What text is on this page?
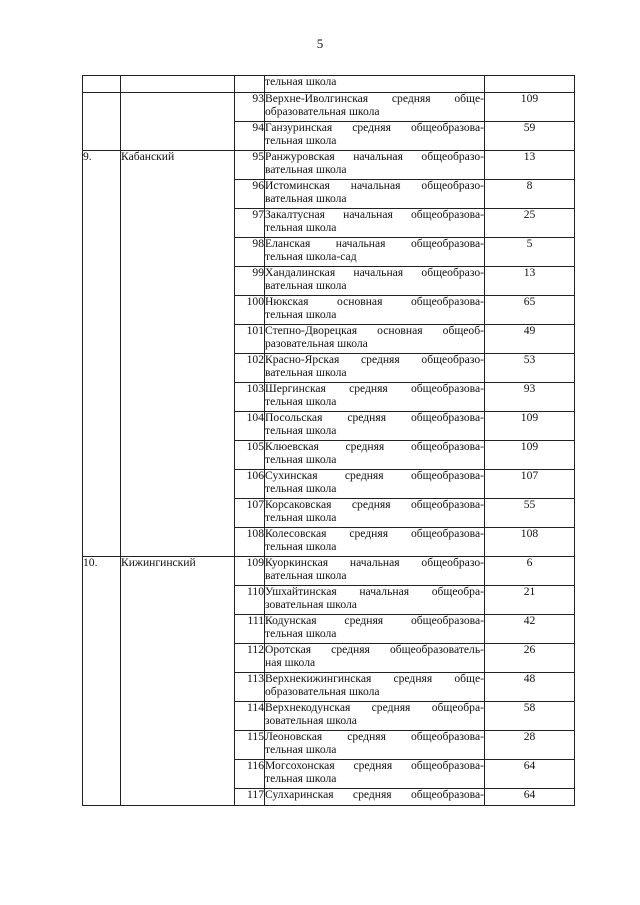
5

			тельная школа	

		93	Верхне-Иволгинская средняя обще-
образовательная школа	109
		94	Ганзуринская средняя общеобразова-
тельная школа	59
9.	Кабанский	95	Ранжуровская начальная общеобразо-
вательная школа	13
		96	Истоминская начальная общеобразо-
вательная школа	8
		97	Закалтусная начальная общеобразова-
тельная школа	25
		98	Еланская начальная общеобразова-
тельная школа-сад	5
		99	Хандалинская начальная общеобразо-
вательная школа	13
		100	Нюкская основная общеобразова-
тельная школа	65
		101	Степно-Дворецкая основная общеоб-
разовательная школа	49
		102	Красно-Ярская средняя общеобразо-
вательная школа	53
		103	Шергинская средняя общеобразова-
тельная школа	93
		104	Посольская средняя общеобразова-
тельная школа	109
		105	Клюевская средняя общеобразова-
тельная школа	109
		106	Сухинская средняя общеобразова-
тельная школа	107
		107	Корсаковская средняя общеобразова-
тельная школа	55
		108	Колесовская средняя общеобразова-
тельная школа	108
10.	Кижингинский	109	Куоркинская начальная общеобразо-
вательная школа	6
		110	Ушхайтинская начальная общеобра-
зовательная школа	21
		111	Кодунская средняя общеобразова-
тельная школа	42
		112	Оротская средняя общеобразователь-
ная школа	26
		113	Верхнекижингинская средняя обще-
образовательная школа	48
		114	Верхнекодунская средняя общеобра-
зовательная школа	58
		115	Леоновская средняя общеобразова-
тельная школа	28
		116	Могсохонская средняя общеобразова-
тельная школа	64
		117	Сулхаринская средняя общеобразова-	64
